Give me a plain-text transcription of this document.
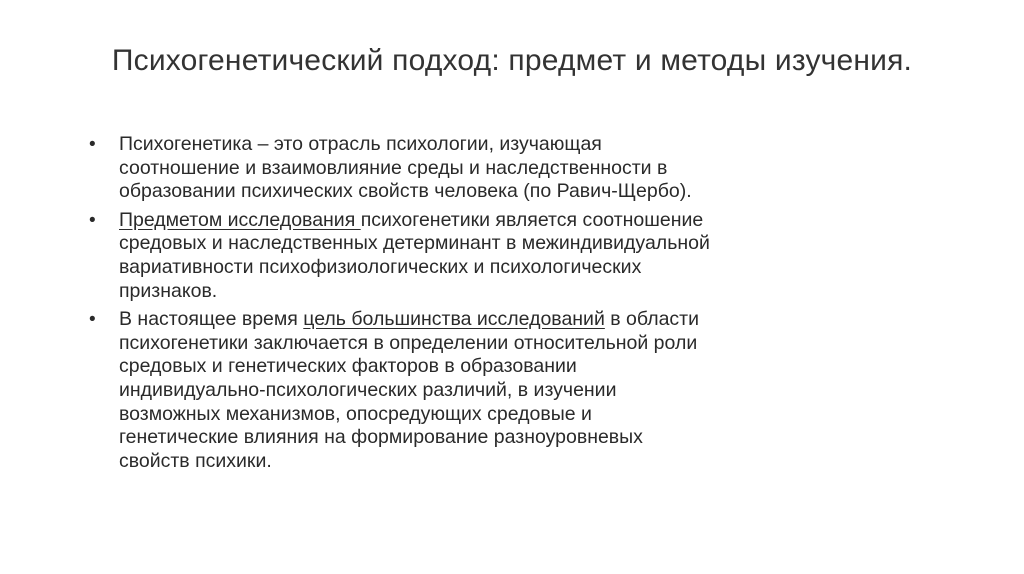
Психогенетический подход: предмет и методы изучения.
• Психогенетика – это отрасль психологии, изучающая
соотношение и взаимовлияние среды и наследственности в
образовании психических свойств человека (по Равич-Щербо).
• Предметом исследования психогенетики является соотношение
средовых и наследственных детерминант в межиндивидуальной
вариативности психофизиологических и психологических
признаков.
• В настоящее время цель большинства исследований в области
психогенетики заключается в определении относительной роли
средовых и генетических факторов в образовании
индивидуально-психологических различий, в изучении
возможных механизмов, опосредующих средовые и
генетические влияния на формирование разноуровневых
свойств психики.
